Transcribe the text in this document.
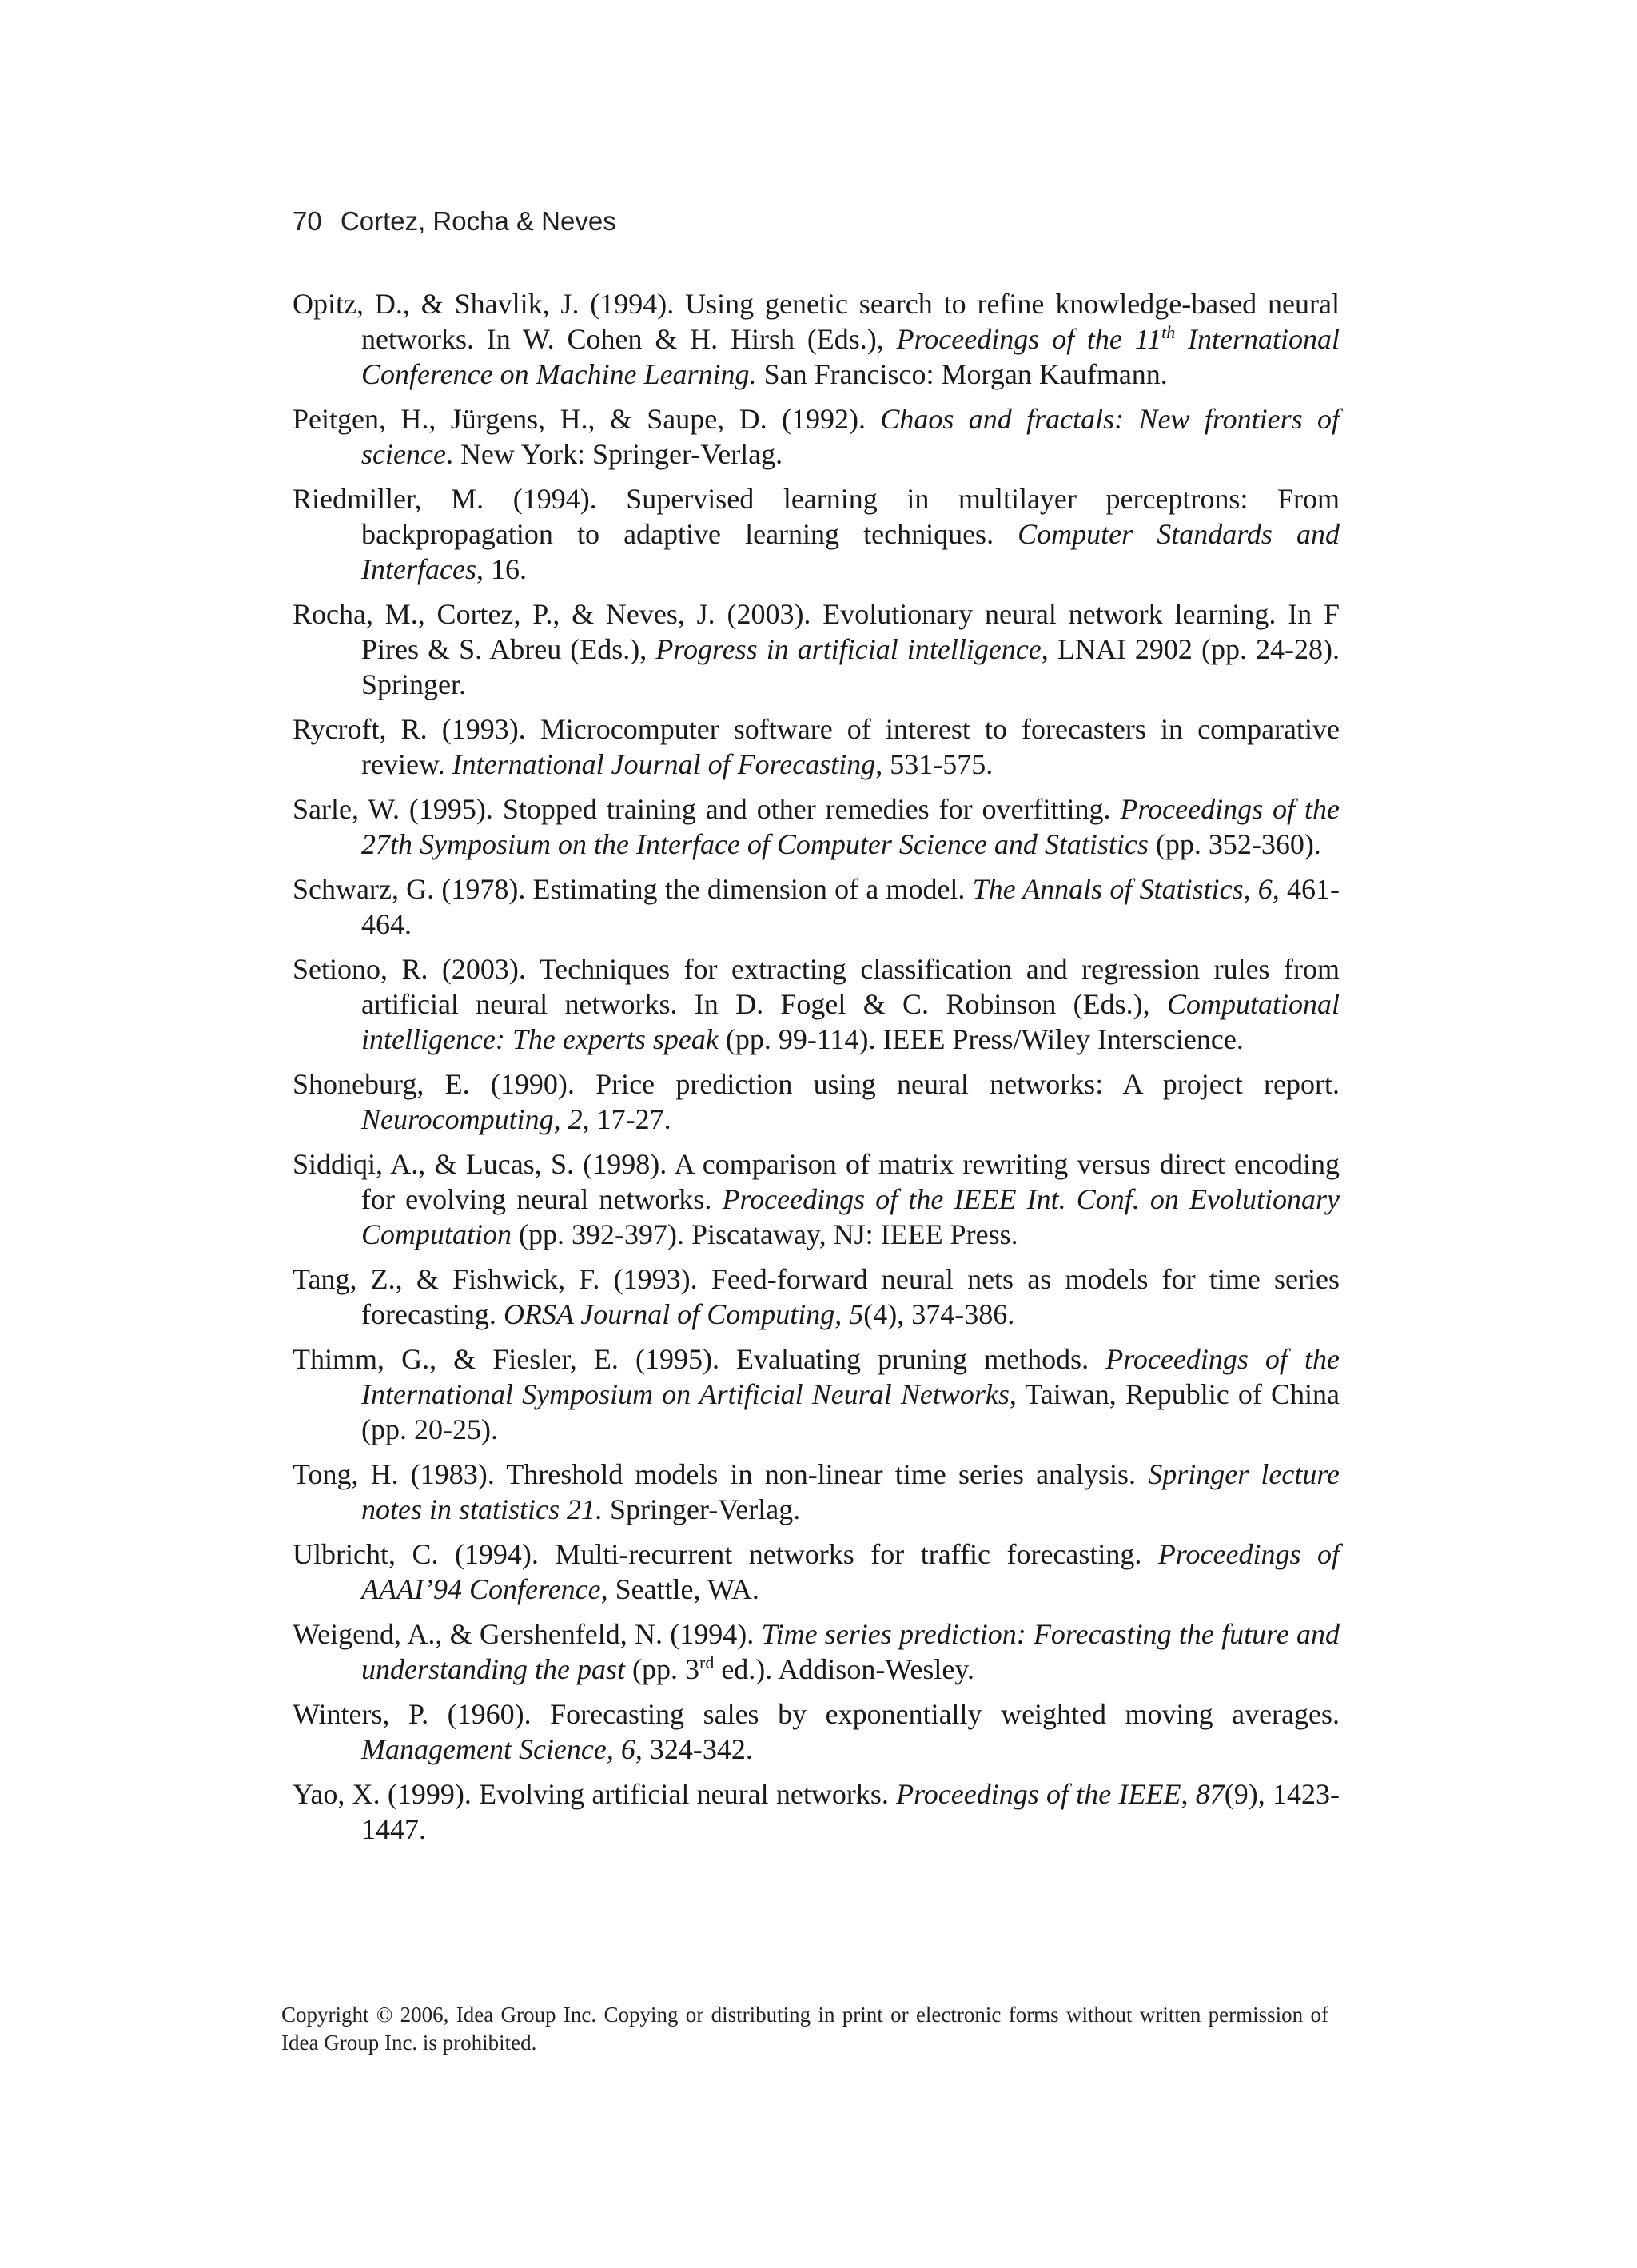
70 Cortez, Rocha & Neves

Opitz, D., & Shavlik, J. (1994). Using genetic search to refine knowledge-based neural networks. In W. Cohen & H. Hirsh (Eds.), Proceedings of the 11th International Conference on Machine Learning. San Francisco: Morgan Kaufmann.

Peitgen, H., Jürgens, H., & Saupe, D. (1992). Chaos and fractals: New frontiers of science. New York: Springer-Verlag.

Riedmiller, M. (1994). Supervised learning in multilayer perceptrons: From backpropagation to adaptive learning techniques. Computer Standards and Interfaces, 16.

Rocha, M., Cortez, P., & Neves, J. (2003). Evolutionary neural network learning. In F Pires & S. Abreu (Eds.), Progress in artificial intelligence, LNAI 2902 (pp. 24-28). Springer.

Rycroft, R. (1993). Microcomputer software of interest to forecasters in comparative review. International Journal of Forecasting, 531-575.

Sarle, W. (1995). Stopped training and other remedies for overfitting. Proceedings of the 27th Symposium on the Interface of Computer Science and Statistics (pp. 352-360).

Schwarz, G. (1978). Estimating the dimension of a model. The Annals of Statistics, 6, 461-464.

Setiono, R. (2003). Techniques for extracting classification and regression rules from artificial neural networks. In D. Fogel & C. Robinson (Eds.), Computational intelligence: The experts speak (pp. 99-114). IEEE Press/Wiley Interscience.

Shoneburg, E. (1990). Price prediction using neural networks: A project report. Neurocomputing, 2, 17-27.

Siddiqi, A., & Lucas, S. (1998). A comparison of matrix rewriting versus direct encoding for evolving neural networks. Proceedings of the IEEE Int. Conf. on Evolutionary Computation (pp. 392-397). Piscataway, NJ: IEEE Press.

Tang, Z., & Fishwick, F. (1993). Feed-forward neural nets as models for time series forecasting. ORSA Journal of Computing, 5(4), 374-386.

Thimm, G., & Fiesler, E. (1995). Evaluating pruning methods. Proceedings of the International Symposium on Artificial Neural Networks, Taiwan, Republic of China (pp. 20-25).

Tong, H. (1983). Threshold models in non-linear time series analysis. Springer lecture notes in statistics 21. Springer-Verlag.

Ulbricht, C. (1994). Multi-recurrent networks for traffic forecasting. Proceedings of AAAI’94 Conference, Seattle, WA.

Weigend, A., & Gershenfeld, N. (1994). Time series prediction: Forecasting the future and understanding the past (pp. 3rd ed.). Addison-Wesley.

Winters, P. (1960). Forecasting sales by exponentially weighted moving averages. Management Science, 6, 324-342.

Yao, X. (1999). Evolving artificial neural networks. Proceedings of the IEEE, 87(9), 1423-1447.

Copyright © 2006, Idea Group Inc. Copying or distributing in print or electronic forms without written permission of Idea Group Inc. is prohibited.
